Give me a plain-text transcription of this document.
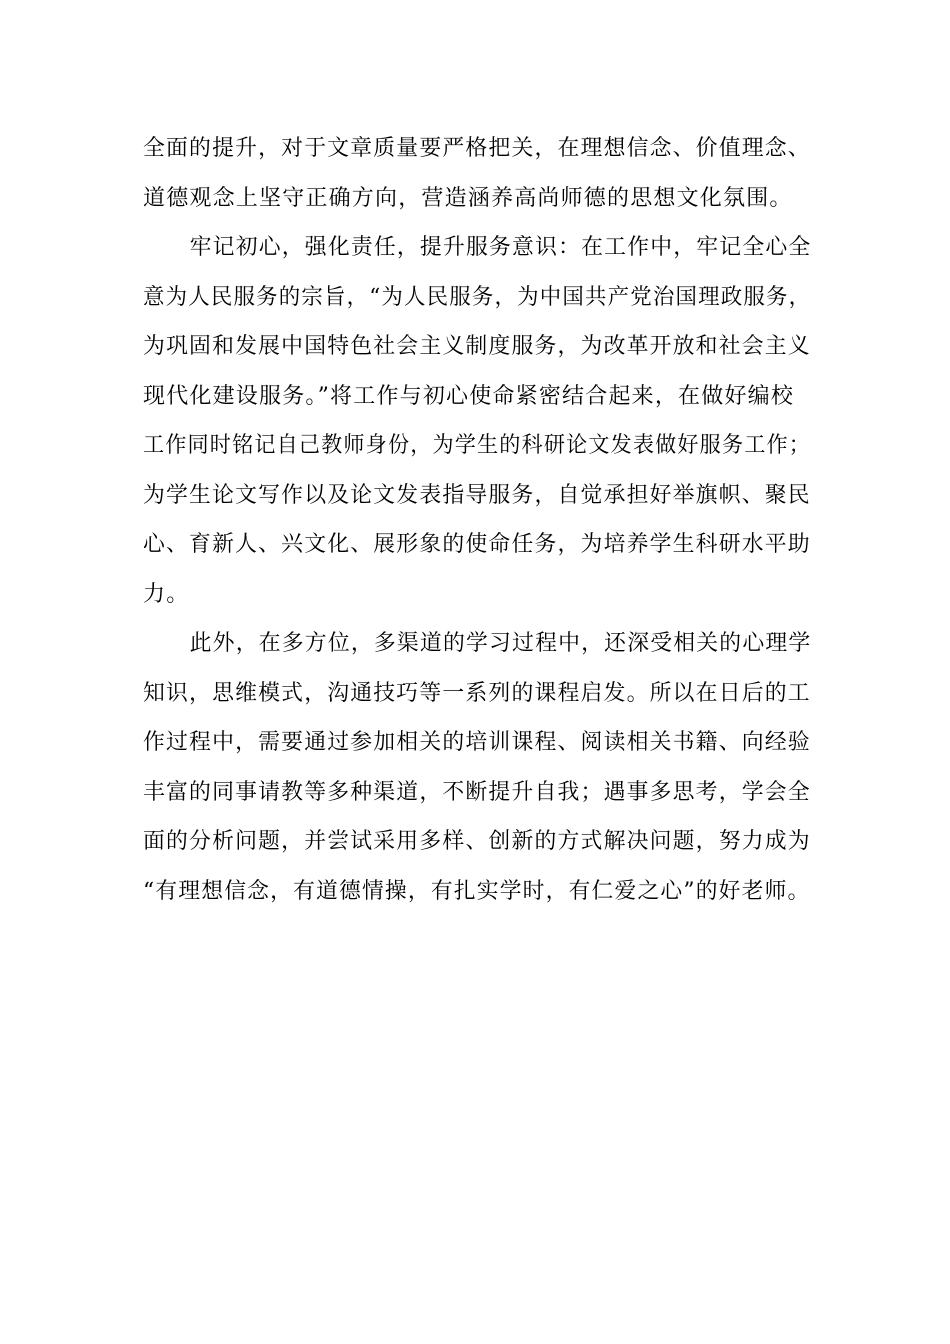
全面的提升，对于文章质量要严格把关，在理想信念、价值理念、
道德观念上坚守正确方向，营造涵养高尚师德的思想文化氛围。

牢记初心，强化责任，提升服务意识：在工作中，牢记全心全
意为人民服务的宗旨，“为人民服务，为中国共产党治国理政服务，
为巩固和发展中国特色社会主义制度服务，为改革开放和社会主义
现代化建设服务。”将工作与初心使命紧密结合起来，在做好编校
工作同时铭记自己教师身份，为学生的科研论文发表做好服务工作；
为学生论文写作以及论文发表指导服务，自觉承担好举旗帜、聚民
心、育新人、兴文化、展形象的使命任务，为培养学生科研水平助
力。

此外，在多方位，多渠道的学习过程中，还深受相关的心理学
知识，思维模式，沟通技巧等一系列的课程启发。所以在日后的工
作过程中，需要通过参加相关的培训课程、阅读相关书籍、向经验
丰富的同事请教等多种渠道，不断提升自我；遇事多思考，学会全
面的分析问题，并尝试采用多样、创新的方式解决问题，努力成为
“有理想信念，有道德情操，有扎实学时，有仁爱之心”的好老师。
